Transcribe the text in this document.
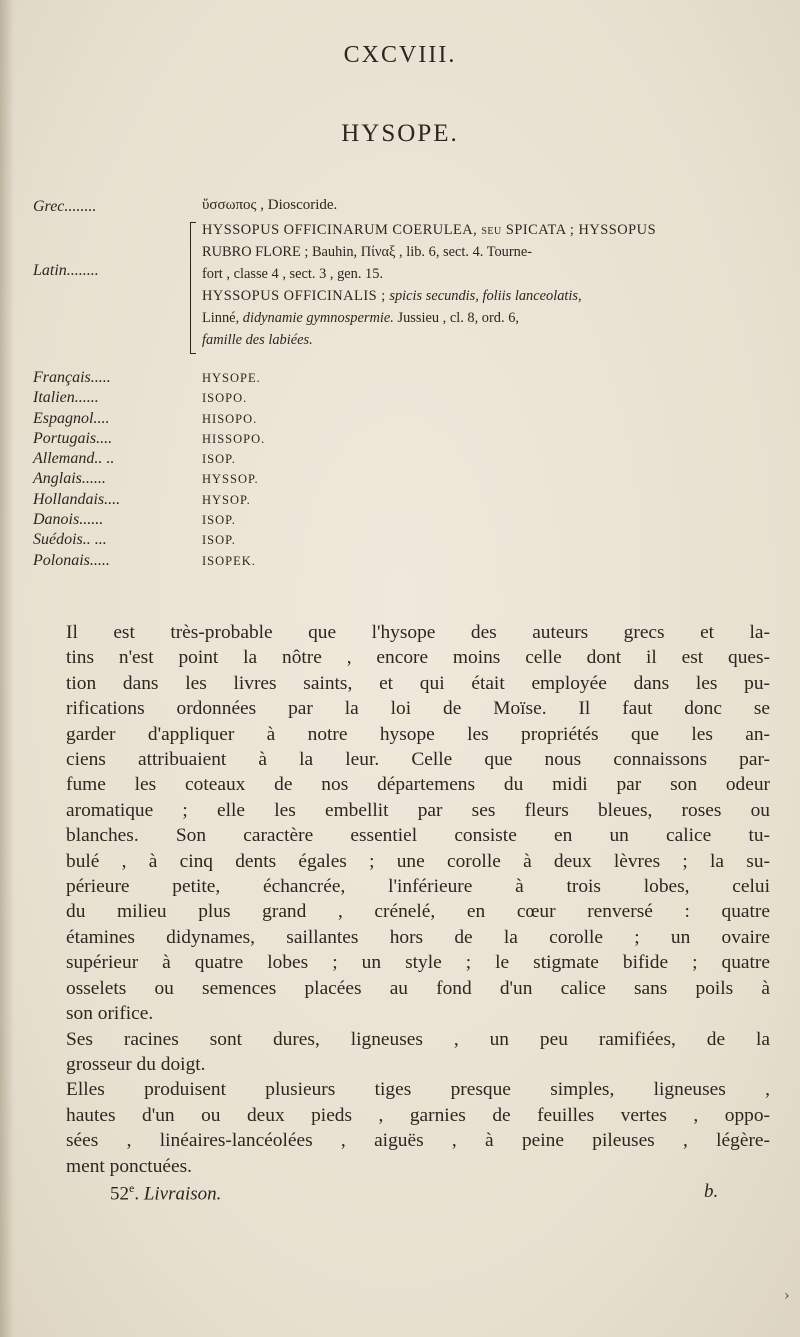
CXCVIII.
HYSOPE.
Grec........	ὕσσωπος , Dioscoride.
Latin........
HYSSOPUS OFFICINARUM COERULEA, seu SPICATA ; HYSSOPUS
RUBRO FLORE ; Bauhin, Πίναξ , lib. 6, sect. 4. Tourne-
fort , classe 4 , sect. 3 , gen. 15.
HYSSOPUS OFFICINALIS ; spicis secundis, foliis lanceolatis,
Linné, didynamie gymnospermie. Jussieu , cl. 8, ord. 6,
famille des labiées.
Français.....	HYSOPE.
Italien......	ISOPO.
Espagnol....	HISOPO.
Portugais....	HISSOPO.
Allemand.. ..	ISOP.
Anglais......	HYSSOP.
Hollandais....	HYSOP.
Danois......	ISOP.
Suédois.. ...	ISOP.
Polonais.....	ISOPEK.
Il est très-probable que l'hysope des auteurs grecs et la-
tins n'est point la nôtre , encore moins celle dont il est ques-
tion dans les livres saints, et qui était employée dans les pu-
rifications ordonnées par la loi de Moïse. Il faut donc se
garder d'appliquer à notre hysope les propriétés que les an-
ciens attribuaient à la leur. Celle que nous connaissons par-
fume les coteaux de nos départemens du midi par son odeur
aromatique ; elle les embellit par ses fleurs bleues, roses ou
blanches. Son caractère essentiel consiste en un calice tu-
bulé , à cinq dents égales ; une corolle à deux lèvres ; la su-
périeure petite, échancrée, l'inférieure à trois lobes, celui
du milieu plus grand , crénelé, en cœur renversé : quatre
étamines didynames, saillantes hors de la corolle ; un ovaire
supérieur à quatre lobes ; un style ; le stigmate bifide ; quatre
osselets ou semences placées au fond d'un calice sans poils à
son orifice.
Ses racines sont dures, ligneuses , un peu ramifiées, de la
grosseur du doigt.
Elles produisent plusieurs tiges presque simples, ligneuses ,
hautes d'un ou deux pieds , garnies de feuilles vertes , oppo-
sées , linéaires-lancéolées , aiguës , à peine pileuses , légère-
ment ponctuées.
52e. Livraison.	b.
›
